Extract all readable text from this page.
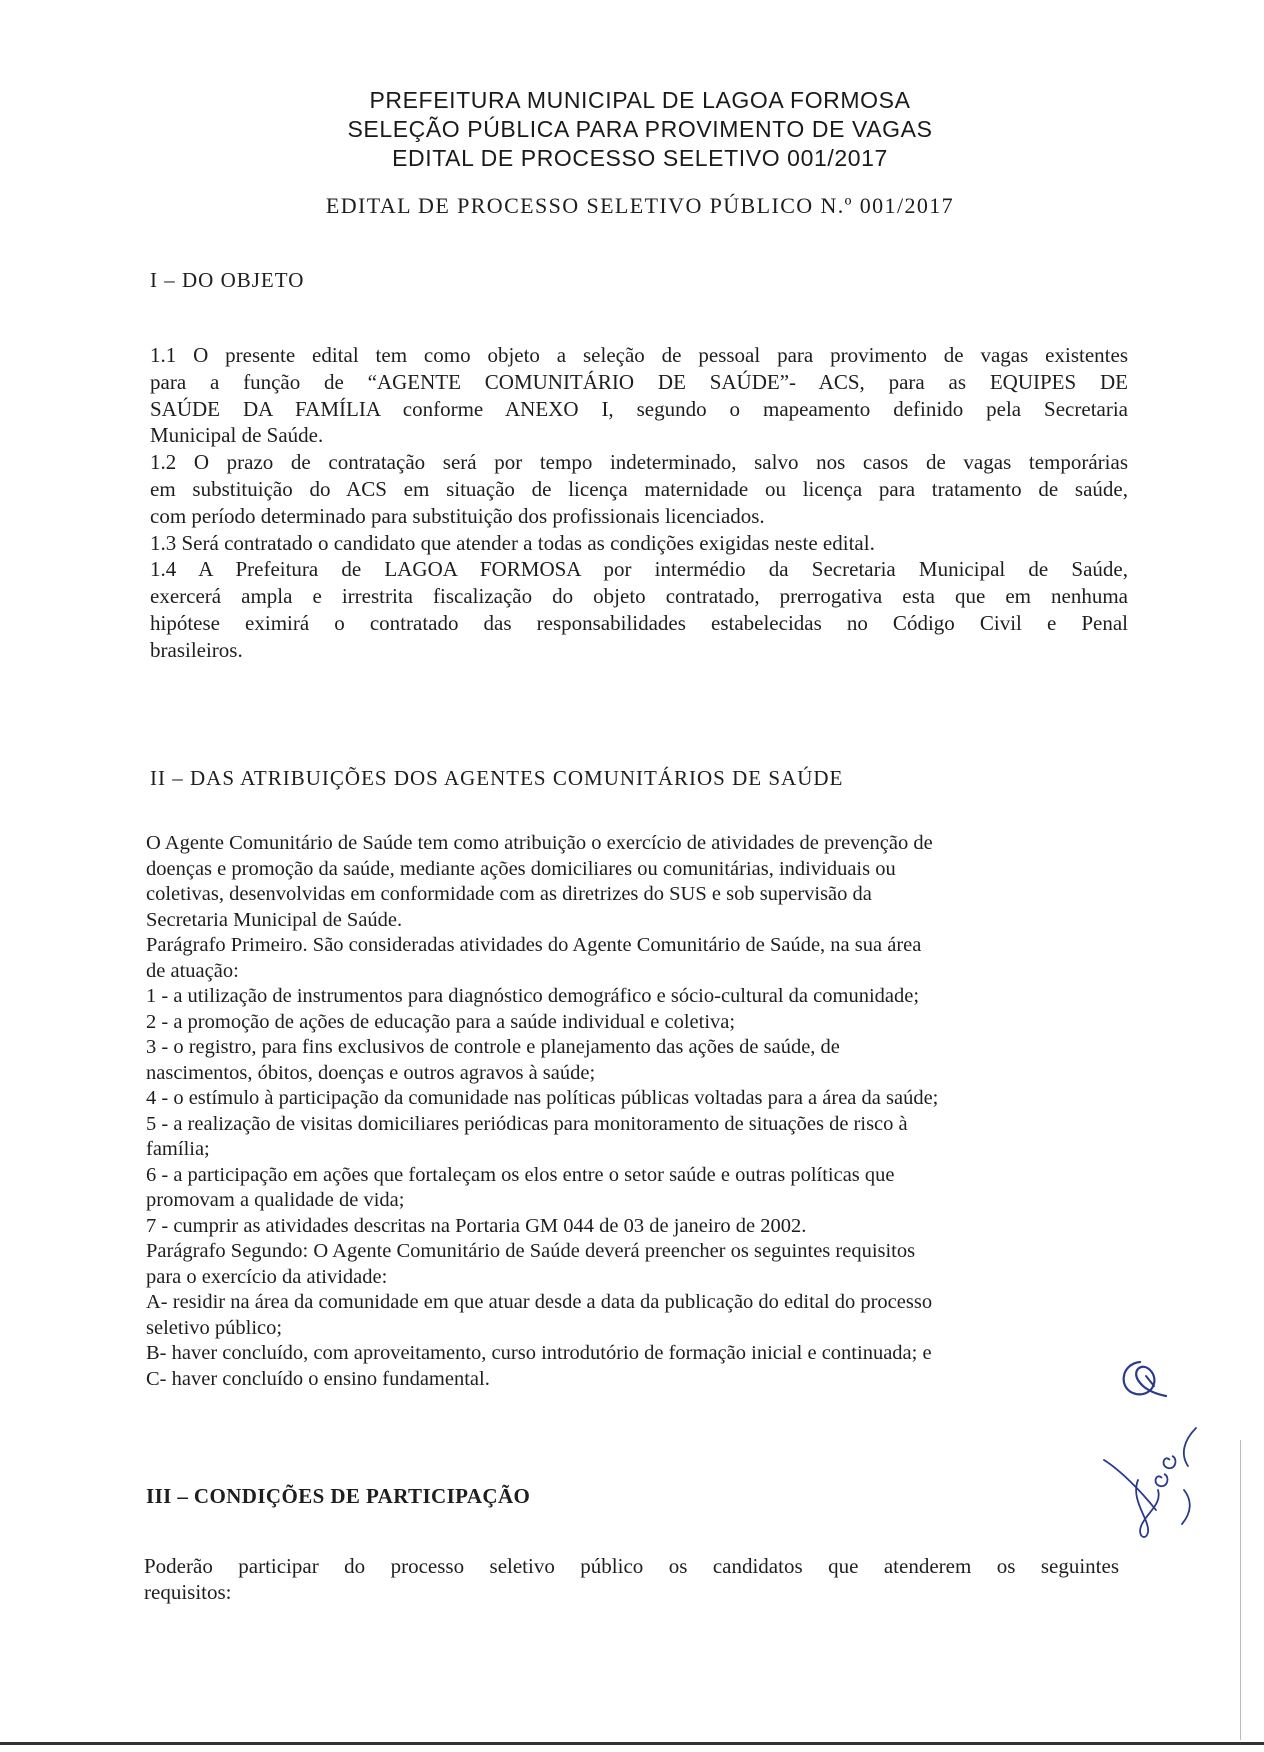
PREFEITURA MUNICIPAL DE LAGOA FORMOSA
SELEÇÃO PÚBLICA PARA PROVIMENTO DE VAGAS
EDITAL DE PROCESSO SELETIVO 001/2017
EDITAL DE PROCESSO SELETIVO PÚBLICO N.º 001/2017
I – DO OBJETO
1.1 O presente edital tem como objeto a seleção de pessoal para provimento de vagas existentes
para a função de “AGENTE COMUNITÁRIO DE SAÚDE”- ACS, para as EQUIPES DE
SAÚDE DA FAMÍLIA conforme ANEXO I, segundo o mapeamento definido pela Secretaria
Municipal de Saúde.
1.2 O prazo de contratação será por tempo indeterminado, salvo nos casos de vagas temporárias
em substituição do ACS em situação de licença maternidade ou licença para tratamento de saúde,
com período determinado para substituição dos profissionais licenciados.
1.3 Será contratado o candidato que atender a todas as condições exigidas neste edital.
1.4 A Prefeitura de LAGOA FORMOSA por intermédio da Secretaria Municipal de Saúde,
exercerá ampla e irrestrita fiscalização do objeto contratado, prerrogativa esta que em nenhuma
hipótese eximirá o contratado das responsabilidades estabelecidas no Código Civil e Penal
brasileiros.
II – DAS ATRIBUIÇÕES DOS AGENTES COMUNITÁRIOS DE SAÚDE
O Agente Comunitário de Saúde tem como atribuição o exercício de atividades de prevenção de
doenças e promoção da saúde, mediante ações domiciliares ou comunitárias, individuais ou
coletivas, desenvolvidas em conformidade com as diretrizes do SUS e sob supervisão da
Secretaria Municipal de Saúde.
Parágrafo Primeiro. São consideradas atividades do Agente Comunitário de Saúde, na sua área
de atuação:
1 - a utilização de instrumentos para diagnóstico demográfico e sócio-cultural da comunidade;
2 - a promoção de ações de educação para a saúde individual e coletiva;
3 - o registro, para fins exclusivos de controle e planejamento das ações de saúde, de
nascimentos, óbitos, doenças e outros agravos à saúde;
4 - o estímulo à participação da comunidade nas políticas públicas voltadas para a área da saúde;
5 - a realização de visitas domiciliares periódicas para monitoramento de situações de risco à
família;
6 - a participação em ações que fortaleçam os elos entre o setor saúde e outras políticas que
promovam a qualidade de vida;
7 - cumprir as atividades descritas na Portaria GM 044 de 03 de janeiro de 2002.
Parágrafo Segundo: O Agente Comunitário de Saúde deverá preencher os seguintes requisitos
para o exercício da atividade:
A- residir na área da comunidade em que atuar desde a data da publicação do edital do processo
seletivo público;
B- haver concluído, com aproveitamento, curso introdutório de formação inicial e continuada; e
C- haver concluído o ensino fundamental.
III – CONDIÇÕES DE PARTICIPAÇÃO
Poderão participar do processo seletivo público os candidatos que atenderem os seguintes
requisitos:
